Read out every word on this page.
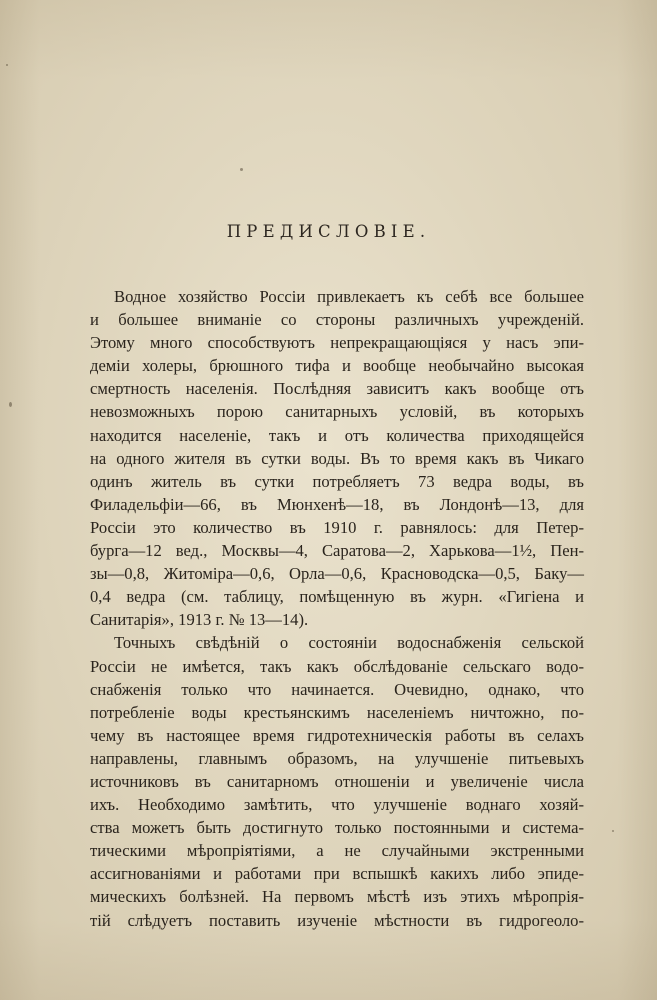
ПРЕДИСЛОВІЕ.
Водное хозяйство Россіи привлекаетъ къ себѣ все большее
и большее вниманіе со стороны различныхъ учрежденій.
Этому много способствуютъ непрекращающіяся у насъ эпи-
деміи холеры, брюшного тифа и вообще необычайно высокая
смертность населенія. Послѣдняя зависитъ какъ вообще отъ
невозможныхъ порою санитарныхъ условій, въ которыхъ
находится населеніе, такъ и отъ количества приходящейся
на одного жителя въ сутки воды. Въ то время какъ въ Чикаго
одинъ житель въ сутки потребляетъ 73 ведра воды, въ
Филадельфіи—66, въ Мюнхенѣ—18, въ Лондонѣ—13, для
Россіи это количество въ 1910 г. равнялось: для Петер-
бурга—12 вед., Москвы—4, Саратова—2, Харькова—1½, Пен-
зы—0,8, Житоміра—0,6, Орла—0,6, Красноводска—0,5, Баку—
0,4 ведра (см. таблицу, помѣщенную въ журн. «Гигіена и
Санитарія», 1913 г. № 13—14).
Точныхъ свѣдѣній о состояніи водоснабженія сельской
Россіи не имѣется, такъ какъ обслѣдованіе сельскаго водо-
снабженія только что начинается. Очевидно, однако, что
потребленіе воды крестьянскимъ населеніемъ ничтожно, по-
чему въ настоящее время гидротехническія работы въ селахъ
направлены, главнымъ образомъ, на улучшеніе питьевыхъ
источниковъ въ санитарномъ отношеніи и увеличеніе числа
ихъ. Необходимо замѣтить, что улучшеніе воднаго хозяй-
ства можетъ быть достигнуто только постоянными и система-
тическими мѣропріятіями, а не случайными экстренными
ассигнованіями и работами при вспышкѣ какихъ либо эпиде-
мическихъ болѣзней. На первомъ мѣстѣ изъ этихъ мѣропрія-
тій слѣдуетъ поставить изученіе мѣстности въ гидрогеоло-
